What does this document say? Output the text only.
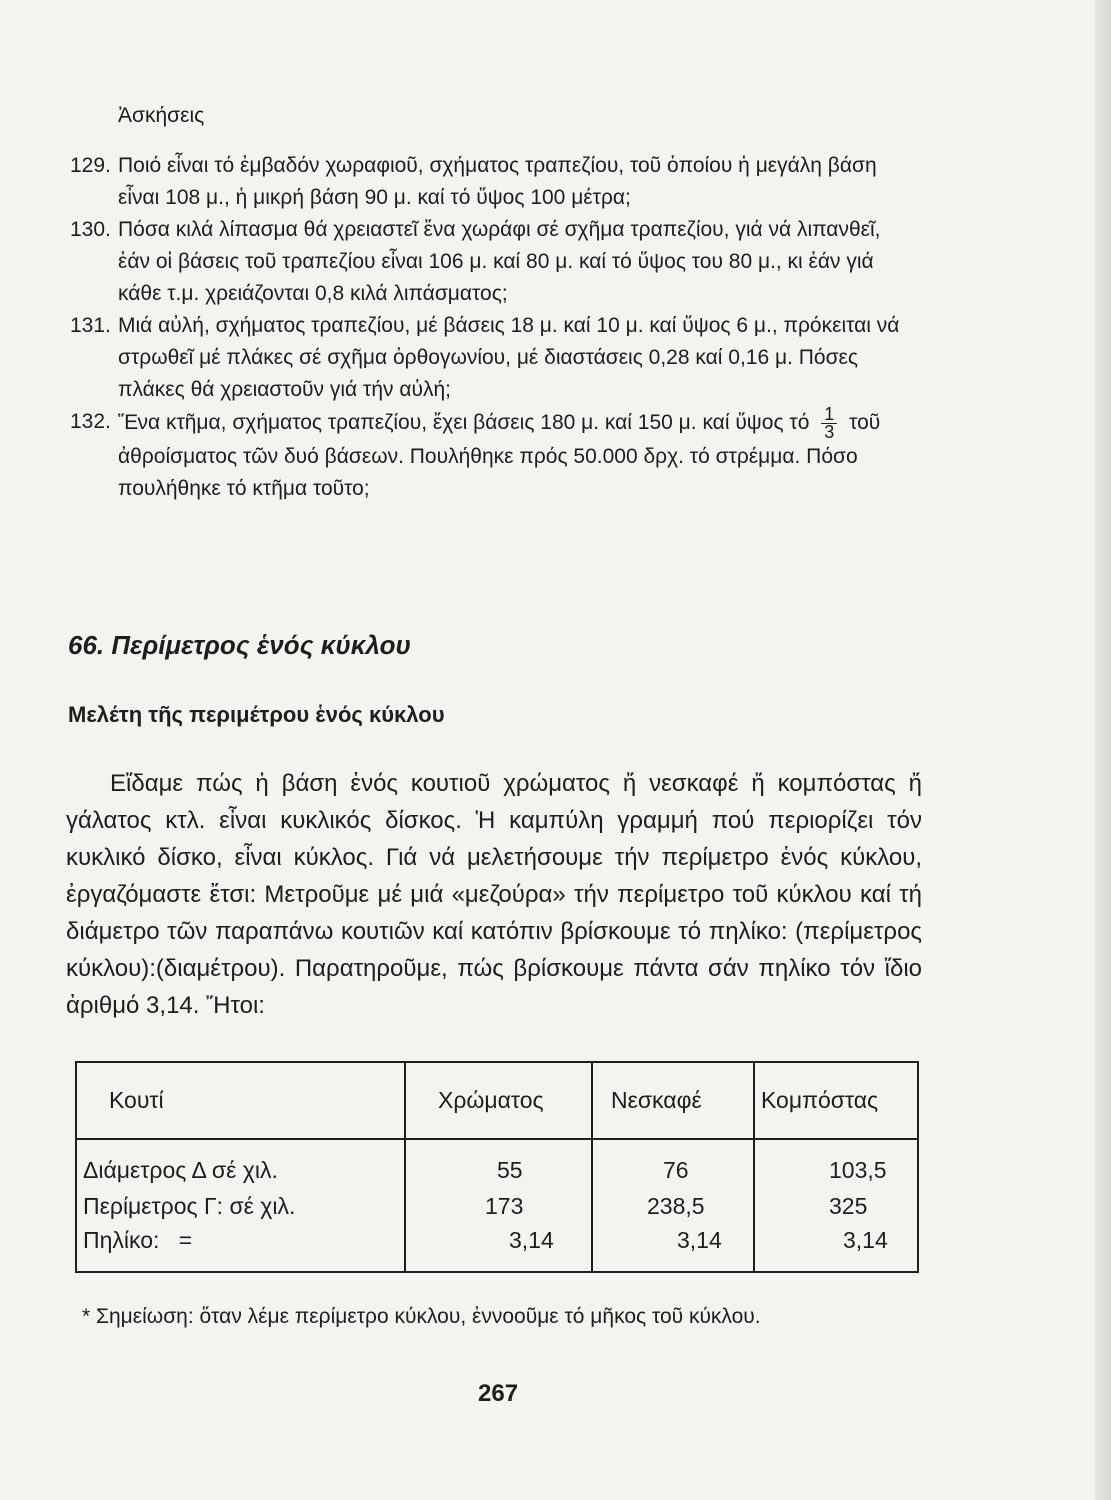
Ἀσκήσεις
129. Ποιό εἶναι τό ἐμβαδόν χωραφιοῦ, σχήματος τραπεζίου, τοῦ ὁποίου ἡ μεγάλη βάση εἶναι 108 μ., ἡ μικρή βάση 90 μ. καί τό ὕψος 100 μέτρα;
130. Πόσα κιλά λίπασμα θά χρειαστεῖ ἕνα χωράφι σέ σχῆμα τραπεζίου, γιά νά λιπανθεῖ, ἐάν οἱ βάσεις τοῦ τραπεζίου εἶναι 106 μ. καί 80 μ. καί τό ὕψος του 80 μ., κι ἐάν γιά κάθε τ.μ. χρειάζονται 0,8 κιλά λιπάσματος;
131. Μιά αὐλή, σχήματος τραπεζίου, μέ βάσεις 18 μ. καί 10 μ. καί ὕψος 6 μ., πρόκειται νά στρωθεῖ μέ πλάκες σέ σχῆμα ὀρθογωνίου, μέ διαστάσεις 0,28 καί 0,16 μ. Πόσες πλάκες θά χρειαστοῦν γιά τήν αὐλή;
132. Ἕνα κτῆμα, σχήματος τραπεζίου, ἔχει βάσεις 180 μ. καί 150 μ. καί ὕψος τό $\frac{1}{3}$ τοῦ ἀθροίσματος τῶν δυό βάσεων. Πουλήθηκε πρός 50.000 δρχ. τό στρέμμα. Πόσο πουλήθηκε τό κτῆμα τοῦτο;
66. Περίμετρος ἑνός κύκλου
Μελέτη τῆς περιμέτρου ἑνός κύκλου
Εἴδαμε πώς ἡ βάση ἑνός κουτιοῦ χρώματος ἤ νεσκαφέ ἤ κομπόστας ἤ γάλατος κτλ. εἶναι κυκλικός δίσκος. Ἡ καμπύλη γραμμή πού περιορίζει τόν κυκλικό δίσκο, εἶναι κύκλος. Γιά νά μελετήσουμε τήν περίμετρο ἑνός κύκλου, ἐργαζόμαστε ἔτσι: Μετροῦμε μέ μιά «μεζούρα» τήν περίμετρο τοῦ κύκλου καί τή διάμετρο τῶν παραπάνω κουτιῶν καί κατόπιν βρίσκουμε τό πηλίκο: (περίμετρος κύκλου):(διαμέτρου). Παρατηροῦμε, πώς βρίσκουμε πάντα σάν πηλίκο τόν ἴδιο ἀριθμό 3,14. Ἤτοι:
Κουτί	Χρώματος	Νεσκαφέ	Κομπόστας
Διάμετρος Δ σέ χιλ.	55	76	103,5
Περίμετρος Γ: σέ χιλ.	173	238,5	325
Πηλίκο:   =	3,14	3,14	3,14
* Σημείωση: ὅταν λέμε περίμετρο κύκλου, ἐννοοῦμε τό μῆκος τοῦ κύκλου.
267
